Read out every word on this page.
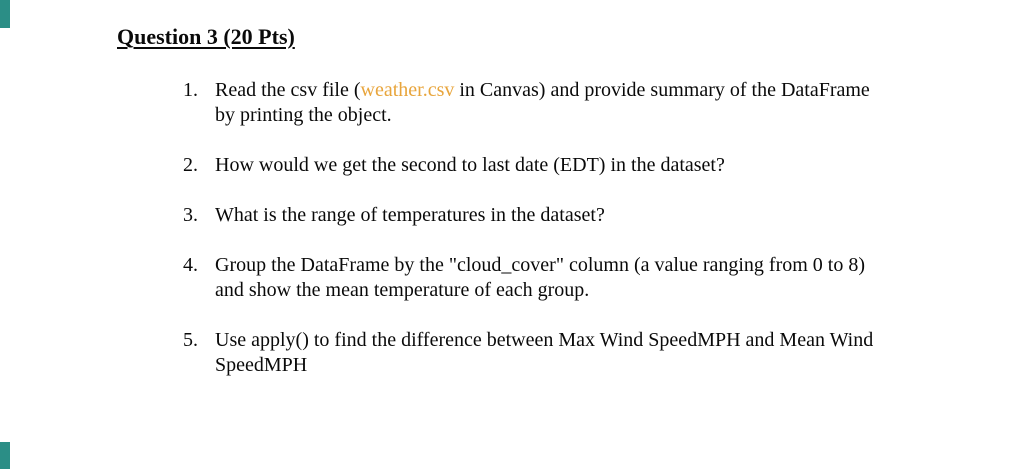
Question 3 (20 Pts)
1. Read the csv file (weather.csv in Canvas) and provide summary of the DataFrame
by printing the object.
2. How would we get the second to last date (EDT) in the dataset?
3. What is the range of temperatures in the dataset?
4. Group the DataFrame by the "cloud_cover" column (a value ranging from 0 to 8)
and show the mean temperature of each group.
5. Use apply() to find the difference between Max Wind SpeedMPH and Mean Wind
SpeedMPH
